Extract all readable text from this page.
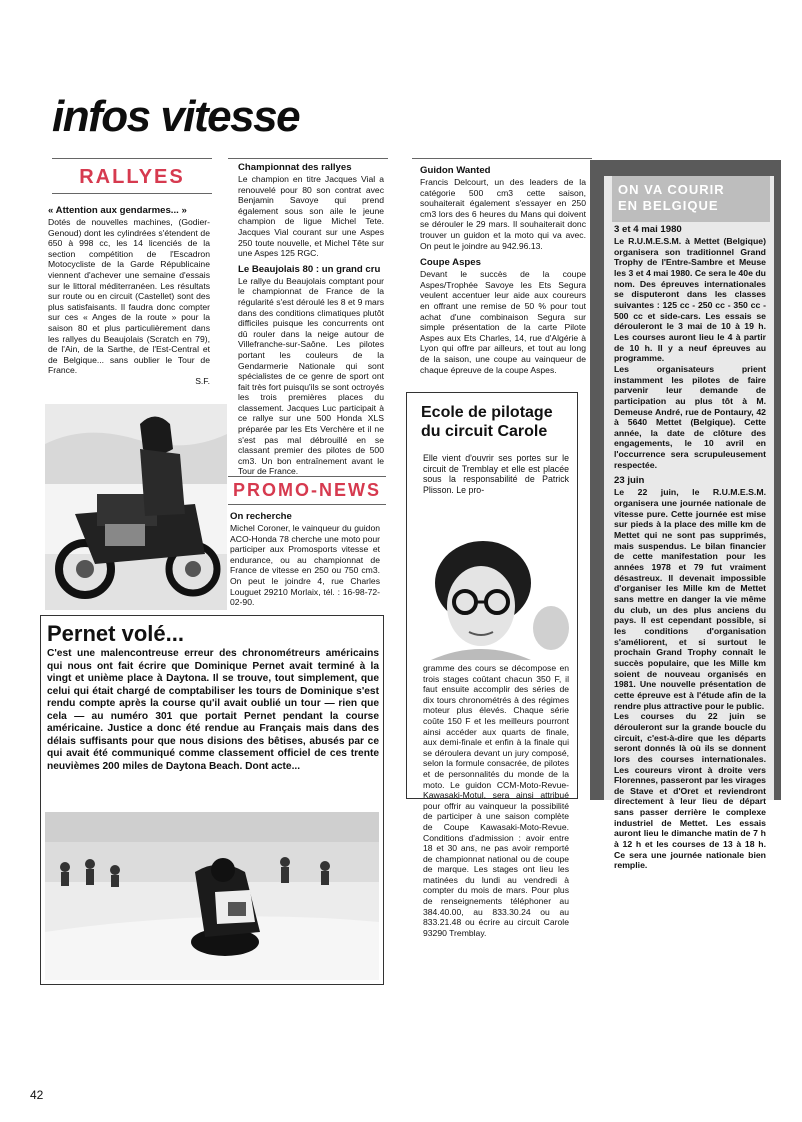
infos vitesse
RALLYES
« Attention aux gendarmes... »

Dotés de nouvelles machines, (Godier-Genoud) dont les cylindrées s'étendent de 650 à 998 cc, les 14 licenciés de la section compétition de l'Escadron Motocycliste de la Garde Républicaine viennent d'achever une semaine d'essais sur le littoral méditerranéen. Les résultats sur route ou en circuit (Castellet) sont des plus satisfaisants. Il faudra donc compter sur ces « Anges de la route » pour la saison 80 et plus particulièrement dans les rallyes du Beaujolais (Scratch en 79), de l'Ain, de la Sarthe, de l'Est-Central et de Belgique... sans oublier le Tour de France.

S.F.
Championnat des rallyes

Le champion en titre Jacques Vial a renouvelé pour 80 son contrat avec Benjamin Savoye qui prend également sous son aile le jeune champion de ligue Michel Tete. Jacques Vial courant sur une Aspes 250 toute nouvelle, et Michel Tête sur une Aspes 125 RGC.

Le Beaujolais 80 : un grand cru

Le rallye du Beaujolais comptant pour le championnat de France de la régularité s'est déroulé les 8 et 9 mars dans des conditions climatiques plutôt difficiles puisque les concurrents ont dû rouler dans la neige autour de Villefranche-sur-Saône. Les pilotes portant les couleurs de la Gendarmerie Nationale qui sont spécialistes de ce genre de sport ont fait très fort puisqu'ils se sont octroyés les trois premières places du classement. Jacques Luc participait à ce rallye sur une 500 Honda XLS préparée par les Ets Verchère et il ne s'est pas mal débrouillé en se classant premier des pilotes de 500 cm3. Un bon entraînement avant le Tour de France.

PROMO-NEWS
On recherche

Michel Coroner, le vainqueur du guidon ACO-Honda 78 cherche une moto pour participer aux Promosports vitesse et endurance, ou au championnat de France de vitesse en 250 ou 750 cm3. On peut le joindre 4, rue Charles Louguet 29210 Morlaix, tél. : 16-98-72-02-90.

Guidon Wanted

Francis Delcourt, un des leaders de la catégorie 500 cm3 cette saison, souhaiterait également s'essayer en 250 cm3 lors des 6 heures du Mans qui doivent se dérouler le 29 mars. Il souhaiterait donc trouver un guidon et la moto qui va avec. On peut le joindre au 942.96.13.

Coupe Aspes

Devant le succès de la coupe Aspes/Trophée Savoye les Ets Segura veulent accentuer leur aide aux coureurs en offrant une remise de 50 % pour tout achat d'une combinaison Segura sur simple présentation de la carte Pilote Aspes aux Ets Charles, 14, rue d'Algérie à Lyon qui offre par ailleurs, et tout au long de la saison, une coupe au vainqueur de chaque épreuve de la coupe Aspes.

Ecole de pilotage du circuit Carole
Elle vient d'ouvrir ses portes sur le circuit de Tremblay et elle est placée sous la responsabilité de Patrick Plisson. Le pro-
gramme des cours se décompose en trois stages coûtant chacun 350 F, il faut ensuite accomplir des séries de dix tours chronométrés à des régimes moteur plus élevés. Chaque série coûte 150 F et les meilleurs pourront ainsi accéder aux quarts de finale, aux demi-finale et enfin à la finale qui se déroulera devant un jury composé, selon la formule consacrée, de pilotes et de personnalités du monde de la moto. Le guidon CCM-Moto-Revue-Kawasaki-Motul, sera ainsi attribué pour offrir au vainqueur la possibilité de participer à une saison complète de Coupe Kawasaki-Moto-Revue. Conditions d'admission : avoir entre 18 et 30 ans, ne pas avoir remporté de championnat national ou de coupe de marque. Les stages ont lieu les matinées du lundi au vendredi à compter du mois de mars. Pour plus de renseignements téléphoner au 384.40.00, au 833.30.24 ou au 833.21.48 ou écrire au circuit Carole 93290 Tremblay.
ON VA COURIR
EN BELGIQUE
3 et 4 mai 1980

Le R.U.M.E.S.M. à Mettet (Belgique) organisera son traditionnel Grand Trophy de l'Entre-Sambre et Meuse les 3 et 4 mai 1980. Ce sera le 40e du nom. Des épreuves internationales se disputeront dans les classes suivantes : 125 cc - 250 cc - 350 cc - 500 cc et side-cars. Les essais se dérouleront le 3 mai de 10 à 19 h. Les courses auront lieu le 4 à partir de 10 h. Il y a neuf épreuves au programme.

Les organisateurs prient instamment les pilotes de faire parvenir leur demande de participation au plus tôt à M. Demeuse André, rue de Pontaury, 42 à 5640 Mettet (Belgique). Cette année, la date de clôture des engagements, le 10 avril en l'occurrence sera scrupuleusement respectée.

23 juin

Le 22 juin, le R.U.M.E.S.M. organisera une journée nationale de vitesse pure. Cette journée est mise sur pieds à la place des mille km de Mettet qui ne sont pas supprimés, mais suspendus. Le bilan financier de cette manifestation pour les années 1978 et 79 fut vraiment désastreux. Il devenait impossible d'organiser les Mille km de Mettet sans mettre en danger la vie même du club, un des plus anciens du pays. Il est cependant possible, si les conditions d'organisation s'améliorent, et si surtout le prochain Grand Trophy connaît le succès populaire, que les Mille km soient de nouveau organisés en 1981. Une nouvelle présentation de cette épreuve est à l'étude afin de la rendre plus attractive pour le public.

Les courses du 22 juin se dérouleront sur la grande boucle du circuit, c'est-à-dire que les départs seront donnés là où ils se donnent lors des courses internationales. Les coureurs viront à droite vers Florennes, passeront par les virages de Stave et d'Oret et reviendront directement à leur lieu de départ sans passer derrière le complexe industriel de Mettet. Les essais auront lieu le dimanche matin de 7 h à 12 h et les courses de 13 à 18 h. Ce sera une journée nationale bien remplie.

Pernet volé...
C'est une malencontreuse erreur des chronométreurs américains qui nous ont fait écrire que Dominique Pernet avait terminé à la vingt et unième place à Daytona. Il se trouve, tout simplement, que celui qui était chargé de comptabiliser les tours de Dominique s'est rendu compte après la course qu'il avait oublié un tour — rien que cela — au numéro 301 que portait Pernet pendant la course américaine. Justice a donc été rendue au Français mais dans des délais suffisants pour que nous disions des bêtises, abusés par ce qui avait été communiqué comme classement officiel de ces trente neuvièmes 200 miles de Daytona Beach. Dont acte...
42
